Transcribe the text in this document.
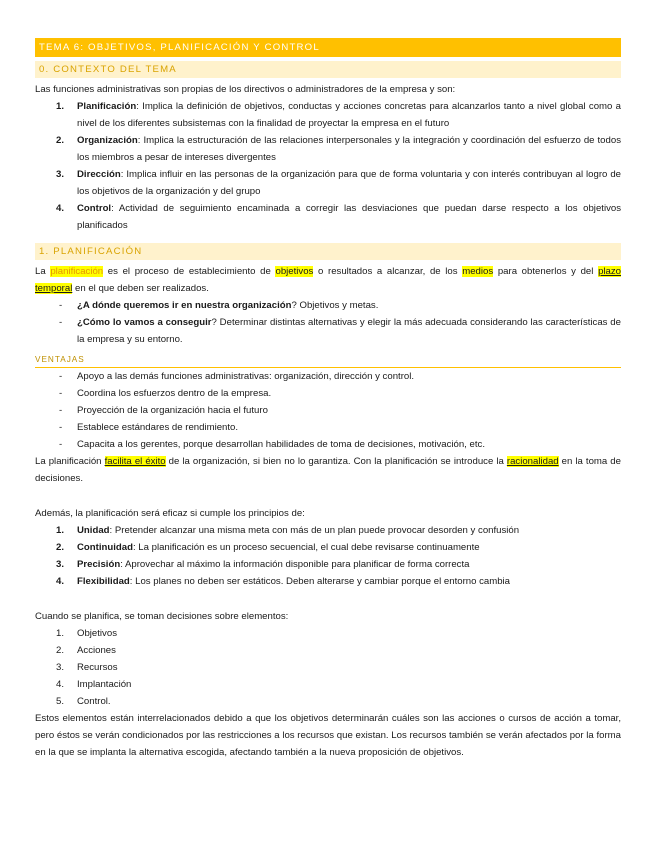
TEMA 6: OBJETIVOS, PLANIFICACIÓN Y CONTROL
0. CONTEXTO DEL TEMA

Las funciones administrativas son propias de los directivos o administradores de la empresa y son:

1. Planificación: Implica la definición de objetivos, conductas y acciones concretas para alcanzarlos tanto a nivel global como a nivel de los diferentes subsistemas con la finalidad de proyectar la empresa en el futuro
2. Organización: Implica la estructuración de las relaciones interpersonales y la integración y coordinación del esfuerzo de todos los miembros a pesar de intereses divergentes
3. Dirección: Implica influir en las personas de la organización para que de forma voluntaria y con interés contribuyan al logro de los objetivos de la organización y del grupo
4. Control: Actividad de seguimiento encaminada a corregir las desviaciones que puedan darse respecto a los objetivos planificados
1. PLANIFICACIÓN

La planificación es el proceso de establecimiento de objetivos o resultados a alcanzar, de los medios para obtenerlos y del plazo temporal en el que deben ser realizados.

- ¿A dónde queremos ir en nuestra organización? Objetivos y metas.
- ¿Cómo lo vamos a conseguir? Determinar distintas alternativas y elegir la más adecuada considerando las características de la empresa y su entorno.
VENTAJAS
- Apoyo a las demás funciones administrativas: organización, dirección y control.
- Coordina los esfuerzos dentro de la empresa.
- Proyección de la organización hacia el futuro
- Establece estándares de rendimiento.
- Capacita a los gerentes, porque desarrollan habilidades de toma de decisiones, motivación, etc.

La planificación facilita el éxito de la organización, si bien no lo garantiza. Con la planificación se introduce la racionalidad en la toma de decisiones.

Además, la planificación será eficaz si cumple los principios de:

1. Unidad: Pretender alcanzar una misma meta con más de un plan puede provocar desorden y confusión
2. Continuidad: La planificación es un proceso secuencial, el cual debe revisarse continuamente
3. Precisión: Aprovechar al máximo la información disponible para planificar de forma correcta
4. Flexibilidad: Los planes no deben ser estáticos. Deben alterarse y cambiar porque el entorno cambia

Cuando se planifica, se toman decisiones sobre elementos:

1. Objetivos
2. Acciones
3. Recursos
4. Implantación
5. Control.

Estos elementos están interrelacionados debido a que los objetivos determinarán cuáles son las acciones o cursos de acción a tomar, pero éstos se verán condicionados por las restricciones a los recursos que existan. Los recursos también se verán afectados por la forma en la que se implanta la alternativa escogida, afectando también a la nueva proposición de objetivos.
